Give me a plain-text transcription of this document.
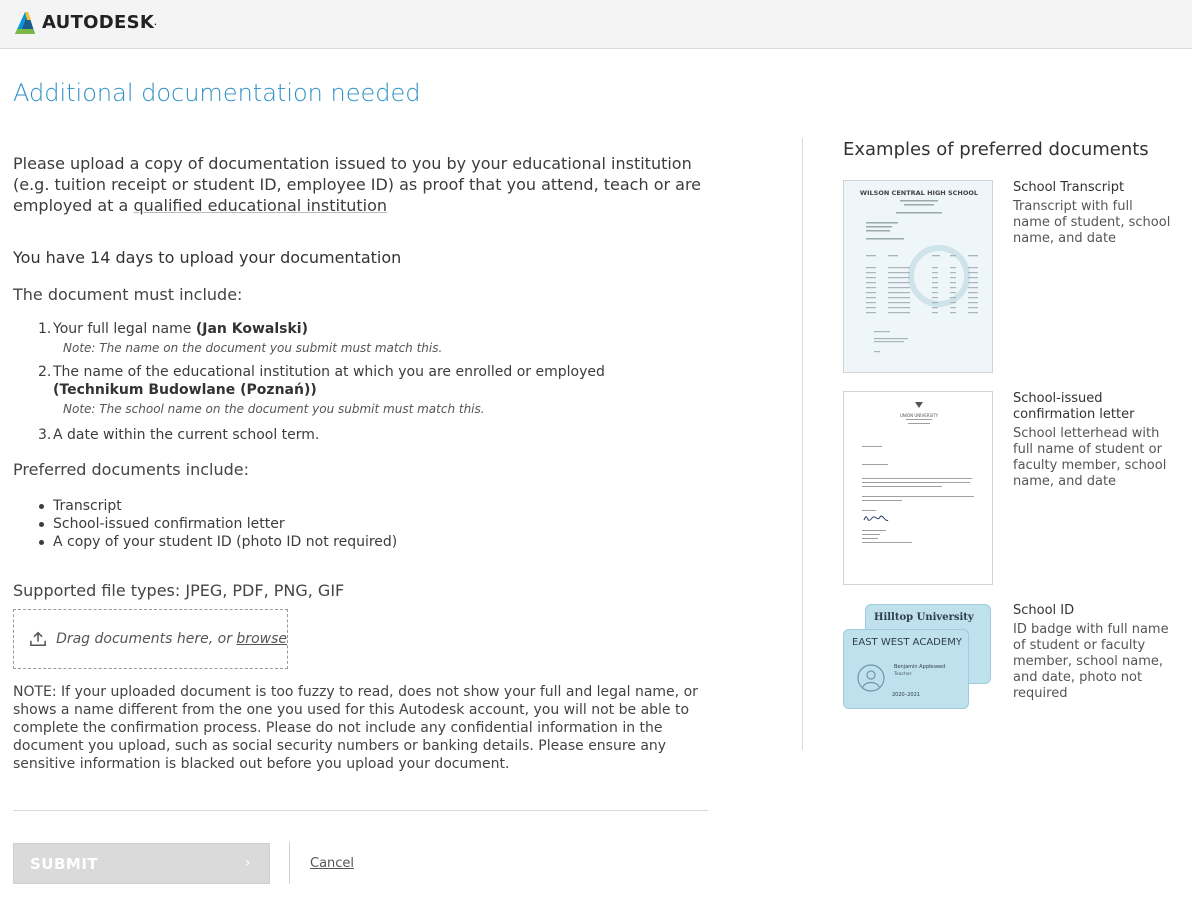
AUTODESK.
Additional documentation needed

Please upload a copy of documentation issued to you by your educational institution (e.g. tuition receipt or student ID, employee ID) as proof that you attend, teach or are employed at a qualified educational institution

You have 14 days to upload your documentation
The document must include:
1. Your full legal name (Jan Kowalski)
Note: The name on the document you submit must match this.
2. The name of the educational institution at which you are enrolled or employed (Technikum Budowlane (Poznań))
Note: The school name on the document you submit must match this.
3. A date within the current school term.
Preferred documents include:
Transcript
School-issued confirmation letter
A copy of your student ID (photo ID not required)
Supported file types: JPEG, PDF, PNG, GIF
Drag documents here, or browse

NOTE: If your uploaded document is too fuzzy to read, does not show your full and legal name, or shows a name different from the one you used for this Autodesk account, you will not be able to complete the confirmation process. Please do not include any confidential information in the document you upload, such as social security numbers or banking details. Please ensure any sensitive information is blacked out before you upload your document.

SUBMIT	›	Cancel
Examples of preferred documents
WILSON CENTRAL HIGH SCHOOL	School Transcript
Transcript with full name of student, school name, and date
UNION UNIVERSITY
School-issued confirmation letter
School letterhead with full name of student or faculty member, school name, and date
Hilltop University
EAST WEST ACADEMY
Benjamin Appleseed
Teacher
2020–2021
School ID
ID badge with full name of student or faculty member, school name, and date, photo not required
